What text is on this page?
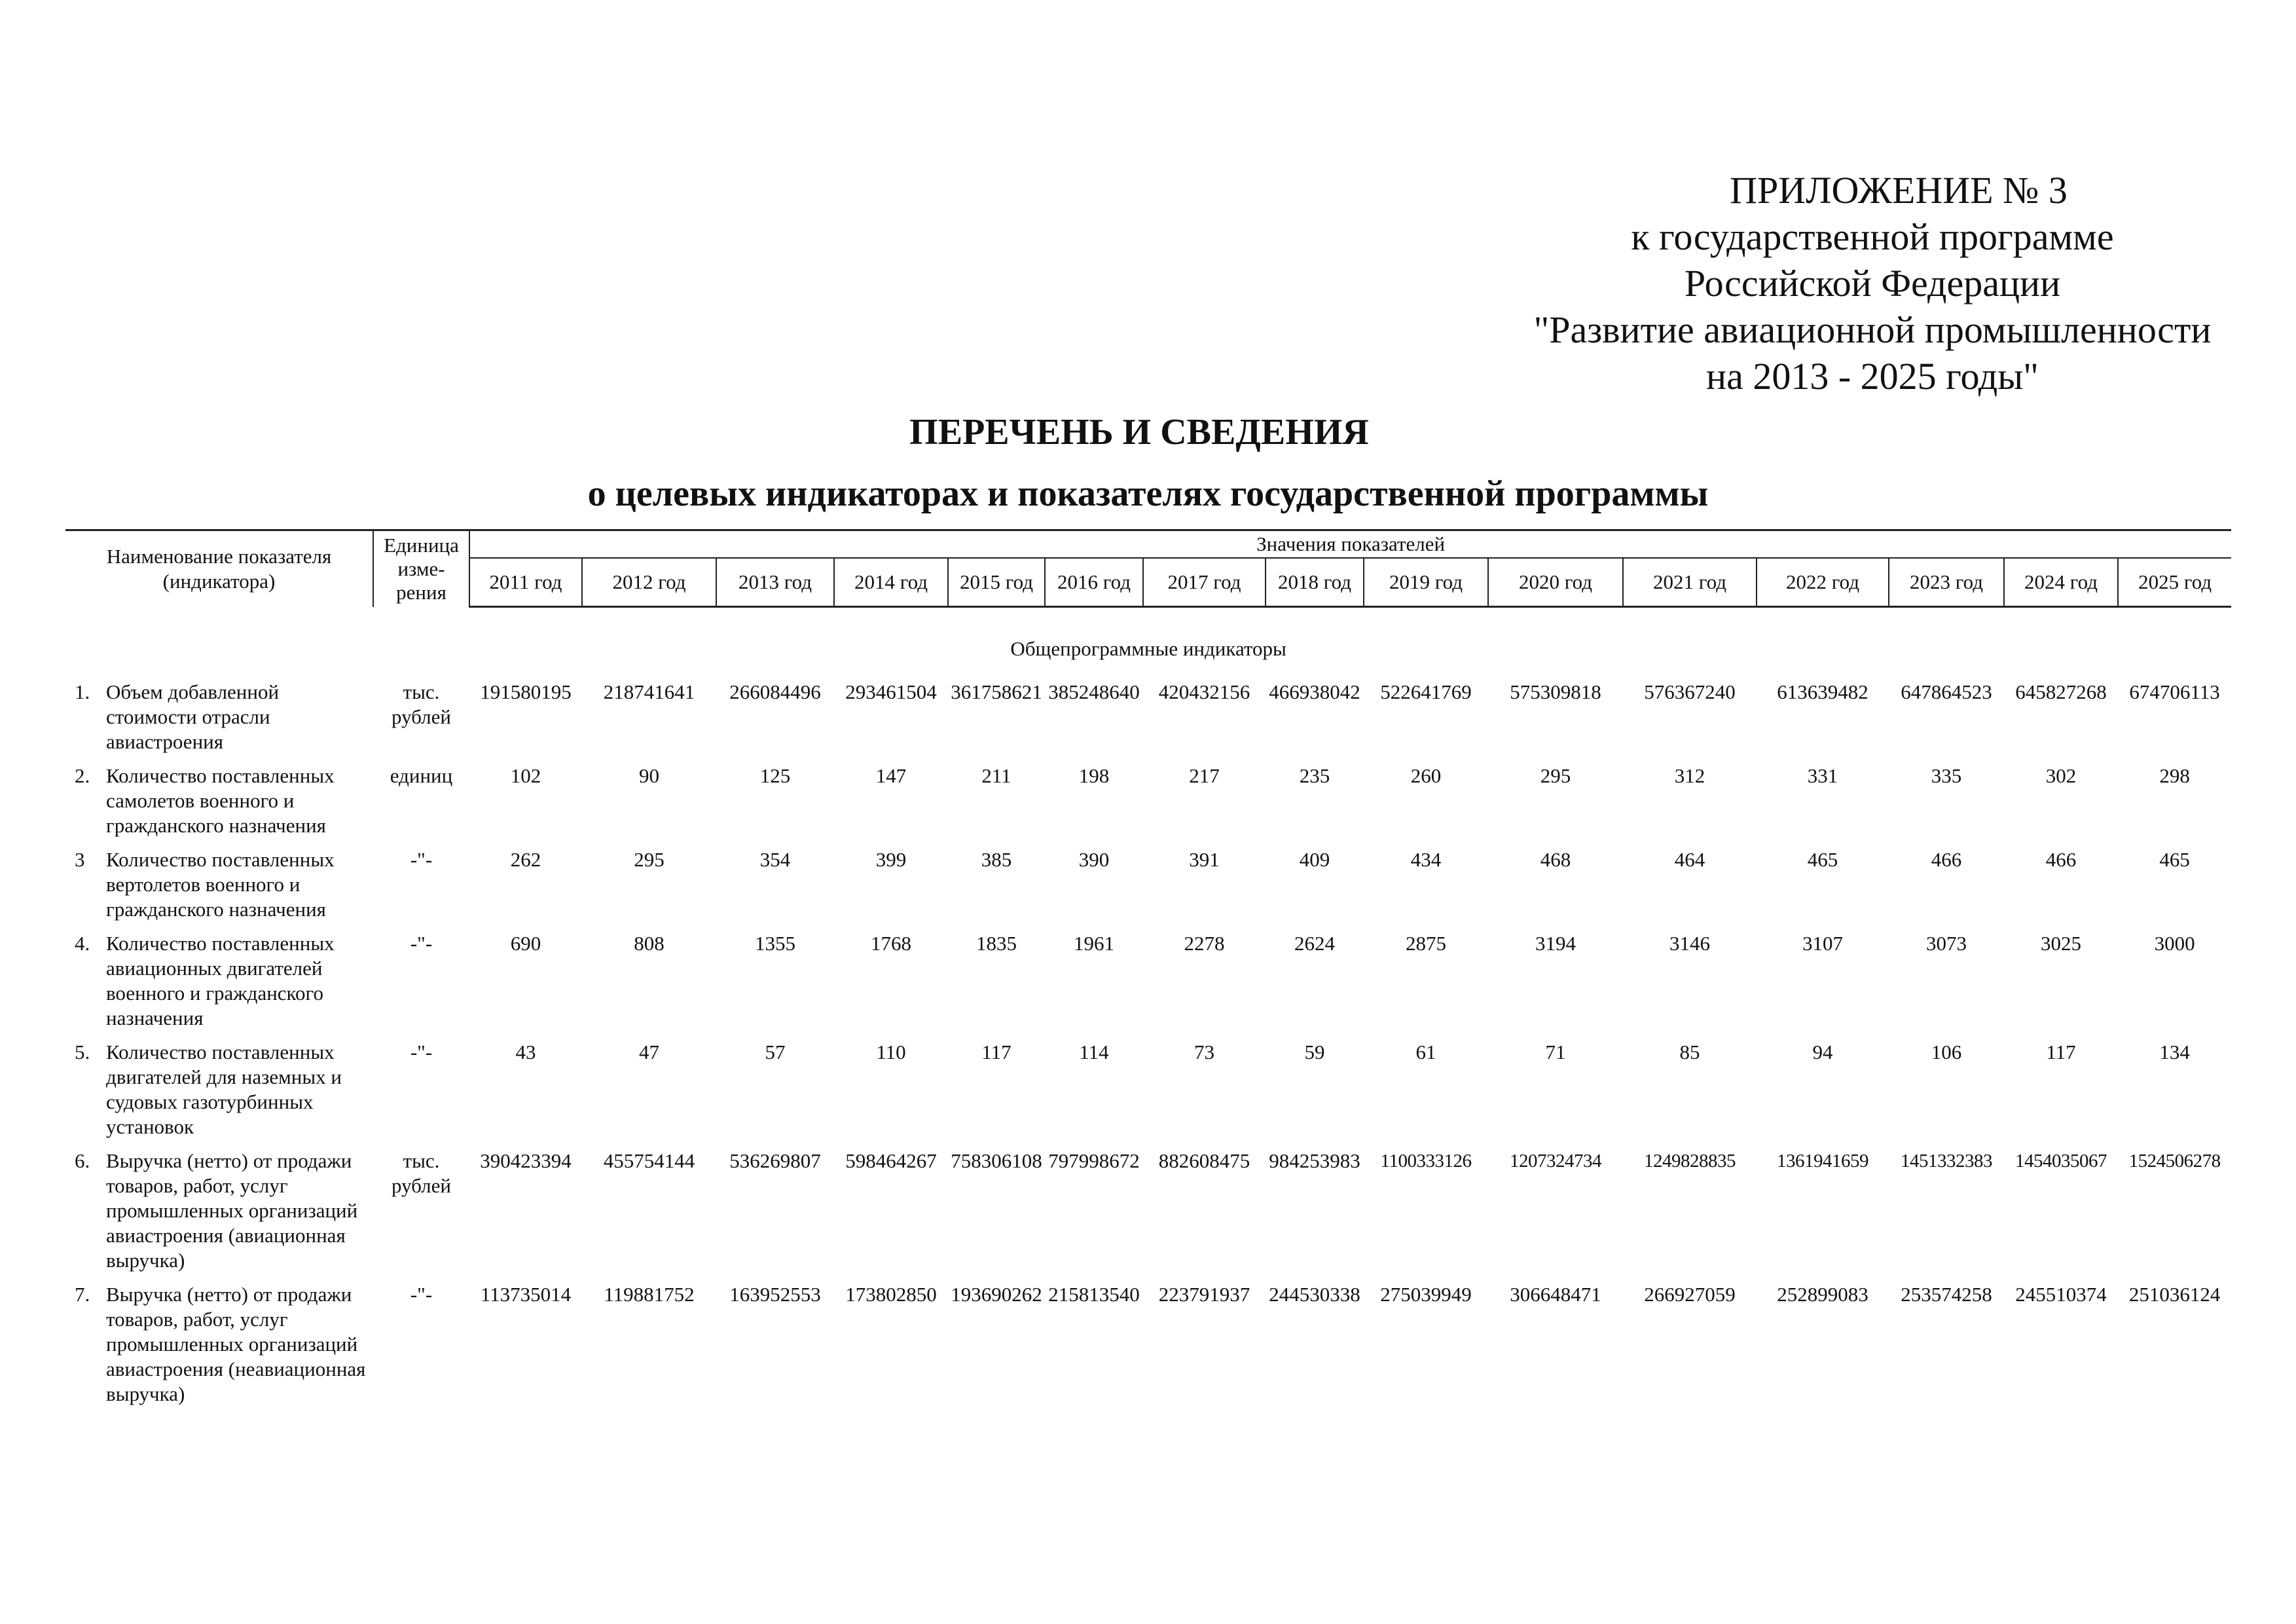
ПРИЛОЖЕНИЕ № 3
к государственной программе
Российской Федерации
"Развитие авиационной промышленности
на 2013 - 2025 годы"
ПЕРЕЧЕНЬ И СВЕДЕНИЯ
о целевых индикаторах и показателях государственной программы
Наименование показателя (индикатора)	Единица
изме-
рения	Значения показателей														
		2011 год	2012 год	2013 год	2014 год	2015 год	2016 год	2017 год	2018 год	2019 год	2020 год	2021 год	2022 год	2023 год	2024 год	2025 год
Общепрограммные индикаторы																

1. Объем добавленной стоимости отрасли авиастроения	тыс. рублей	191580195	218741641	266084496	293461504	361758621	385248640	420432156	466938042	522641769	575309818	576367240	613639482	647864523	645827268	674706113

2. Количество поставленных самолетов военного и гражданского назначения	единиц	102	90	125	147	211	198	217	235	260	295	312	331	335	302	298

3 Количество поставленных вертолетов военного и гражданского назначения	-"-	262	295	354	399	385	390	391	409	434	468	464	465	466	466	465

4. Количество поставленных авиационных двигателей военного и гражданского назначения	-"-	690	808	1355	1768	1835	1961	2278	2624	2875	3194	3146	3107	3073	3025	3000

5. Количество поставленных двигателей для наземных и судовых газотурбинных установок	-"-	43	47	57	110	117	114	73	59	61	71	85	94	106	117	134

6. Выручка (нетто) от продажи товаров, работ, услуг промышленных организаций авиастроения (авиационная выручка)	тыс. рублей	390423394	455754144	536269807	598464267	758306108	797998672	882608475	984253983	1100333126	1207324734	1249828835	1361941659	1451332383	1454035067	1524506278

7. Выручка (нетто) от продажи товаров, работ, услуг промышленных организаций авиастроения (неавиационная выручка)	-"-	113735014	119881752	163952553	173802850	193690262	215813540	223791937	244530338	275039949	306648471	266927059	252899083	253574258	245510374	251036124
